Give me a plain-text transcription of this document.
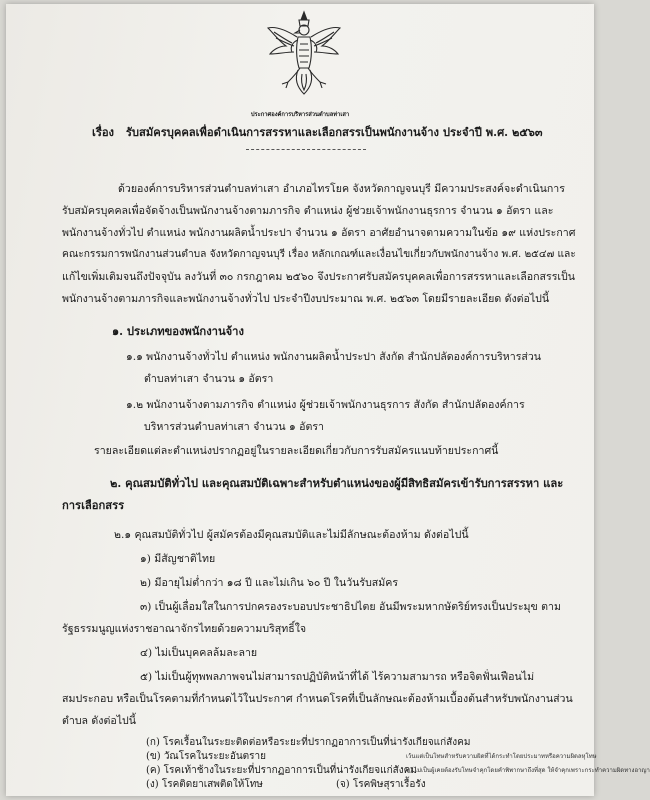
ประกาศองค์การบริหารส่วนตำบลท่าเสา
เรื่อง รับสมัครบุคคลเพื่อดำเนินการสรรหาและเลือกสรรเป็นพนักงานจ้าง ประจำปี พ.ศ. ๒๕๖๓
ด้วยองค์การบริหารส่วนตำบลท่าเสา อำเภอไทรโยค จังหวัดกาญจนบุรี มีความประสงค์จะดำเนินการ
รับสมัครบุคคลเพื่อจัดจ้างเป็นพนักงานจ้างตามภารกิจ ตำแหน่ง ผู้ช่วยเจ้าพนักงานธุรการ จำนวน ๑ อัตรา และ
พนักงานจ้างทั่วไป ตำแหน่ง พนักงานผลิตน้ำประปา จำนวน ๑ อัตรา อาศัยอำนาจตามความในข้อ ๑๙ แห่งประกาศ
คณะกรรมการพนักงานส่วนตำบล จังหวัดกาญจนบุรี เรื่อง หลักเกณฑ์และเงื่อนไขเกี่ยวกับพนักงานจ้าง พ.ศ. ๒๕๔๗ และ
แก้ไขเพิ่มเติมจนถึงปัจจุบัน ลงวันที่ ๓๐ กรกฎาคม ๒๕๖๐ จึงประกาศรับสมัครบุคคลเพื่อการสรรหาและเลือกสรรเป็น
พนักงานจ้างตามภารกิจและพนักงานจ้างทั่วไป ประจำปีงบประมาณ พ.ศ. ๒๕๖๓ โดยมีรายละเอียด ดังต่อไปนี้
๑. ประเภทของพนักงานจ้าง
๑.๑ พนักงานจ้างทั่วไป ตำแหน่ง พนักงานผลิตน้ำประปา สังกัด สำนักปลัดองค์การบริหารส่วน
ตำบลท่าเสา จำนวน ๑ อัตรา
๑.๒ พนักงานจ้างตามภารกิจ ตำแหน่ง ผู้ช่วยเจ้าพนักงานธุรการ สังกัด สำนักปลัดองค์การ
บริหารส่วนตำบลท่าเสา จำนวน ๑ อัตรา
รายละเอียดแต่ละตำแหน่งปรากฏอยู่ในรายละเอียดเกี่ยวกับการรับสมัครแนบท้ายประกาศนี้
๒. คุณสมบัติทั่วไป และคุณสมบัติเฉพาะสำหรับตำแหน่งของผู้มีสิทธิสมัครเข้ารับการสรรหา และ
การเลือกสรร
๒.๑ คุณสมบัติทั่วไป ผู้สมัครต้องมีคุณสมบัติและไม่มีลักษณะต้องห้าม ดังต่อไปนี้
๑) มีสัญชาติไทย
๒) มีอายุไม่ต่ำกว่า ๑๘ ปี และไม่เกิน ๖๐ ปี ในวันรับสมัคร
๓) เป็นผู้เลื่อมใสในการปกครองระบอบประชาธิปไตย อันมีพระมหากษัตริย์ทรงเป็นประมุข ตาม
รัฐธรรมนูญแห่งราชอาณาจักรไทยด้วยความบริสุทธิ์ใจ
๔) ไม่เป็นบุคคลล้มละลาย
๕) ไม่เป็นผู้ทุพพลภาพจนไม่สามารถปฏิบัติหน้าที่ได้ ไร้ความสามารถ หรือจิตฟั่นเฟือนไม่
สมประกอบ หรือเป็นโรคตามที่กำหนดไว้ในประกาศ กำหนดโรคที่เป็นลักษณะต้องห้ามเบื้องต้นสำหรับพนักงานส่วน
ตำบล ดังต่อไปนี้
(ก) โรคเรื้อนในระยะติดต่อหรือระยะที่ปรากฏอาการเป็นที่น่ารังเกียจแก่สังคม
(ข) วัณโรคในระยะอันตราย
(ค) โรคเท้าช้างในระยะที่ปรากฏอาการเป็นที่น่ารังเกียจแก่สังคม
(ง) โรคติดยาเสพติดให้โทษ	(จ) โรคพิษสุราเรื้อรัง
๖) ไม่เป็นผู้เคยต้องรับโทษจำคุกโดยคำพิพากษาถึงที่สุด ให้จำคุกเพราะกระทำความผิดทางอาญา
เว้นแต่เป็นโทษสำหรับความผิดที่ได้กระทำโดยประมาทหรือความผิดลหุโทษ
